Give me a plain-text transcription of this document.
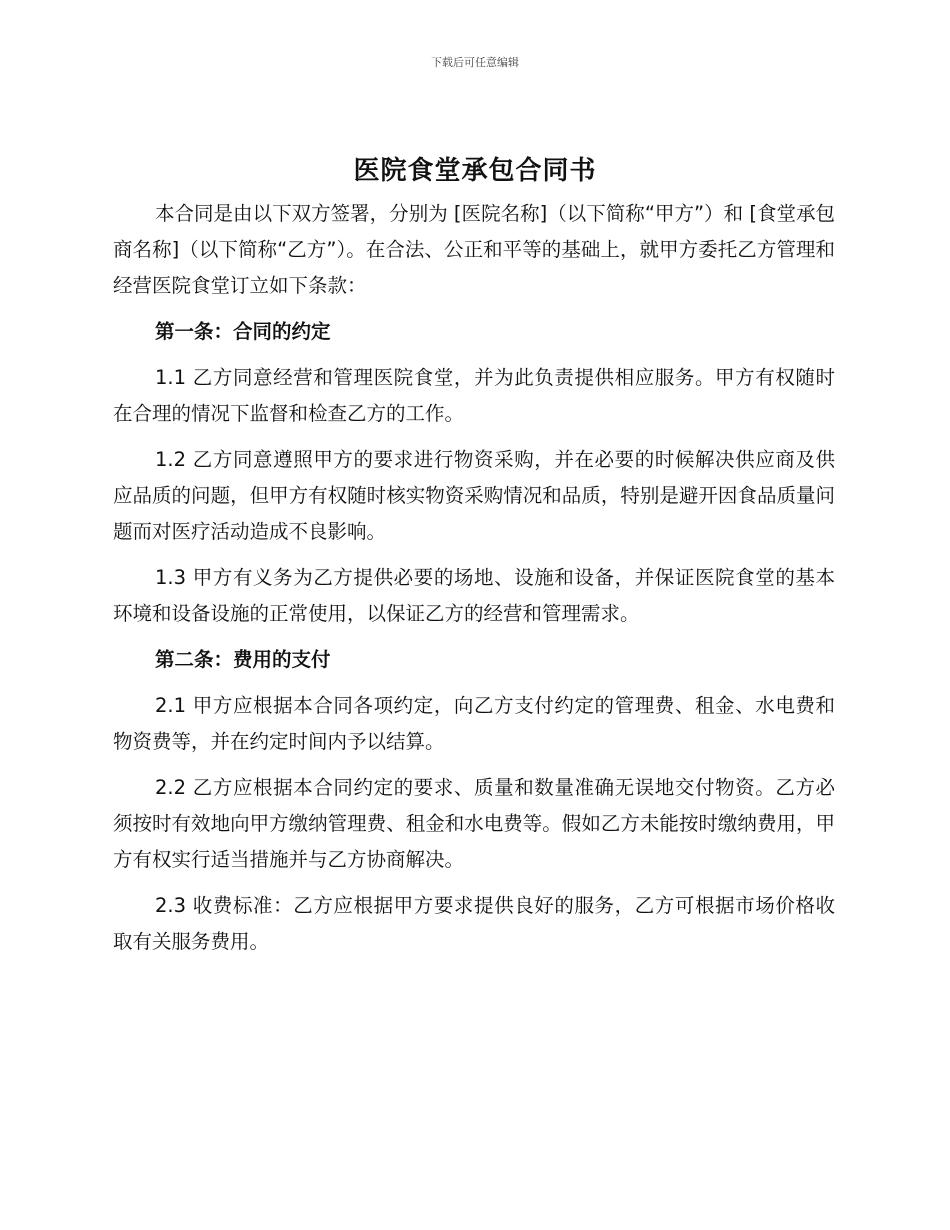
下载后可任意编辑
医院食堂承包合同书

本合同是由以下双方签署，分别为 [医院名称]（以下简称“甲方”）和 [食堂承包商名称]（以下简称“乙方”）。在合法、公正和平等的基础上，就甲方委托乙方管理和经营医院食堂订立如下条款：

第一条：合同的约定

1.1 乙方同意经营和管理医院食堂，并为此负责提供相应服务。甲方有权随时在合理的情况下监督和检查乙方的工作。

1.2 乙方同意遵照甲方的要求进行物资采购，并在必要的时候解决供应商及供应品质的问题，但甲方有权随时核实物资采购情况和品质，特别是避开因食品质量问题而对医疗活动造成不良影响。

1.3 甲方有义务为乙方提供必要的场地、设施和设备，并保证医院食堂的基本环境和设备设施的正常使用，以保证乙方的经营和管理需求。

第二条：费用的支付

2.1 甲方应根据本合同各项约定，向乙方支付约定的管理费、租金、水电费和物资费等，并在约定时间内予以结算。

2.2 乙方应根据本合同约定的要求、质量和数量准确无误地交付物资。乙方必须按时有效地向甲方缴纳管理费、租金和水电费等。假如乙方未能按时缴纳费用，甲方有权实行适当措施并与乙方协商解决。

2.3 收费标准：乙方应根据甲方要求提供良好的服务，乙方可根据市场价格收取有关服务费用。
